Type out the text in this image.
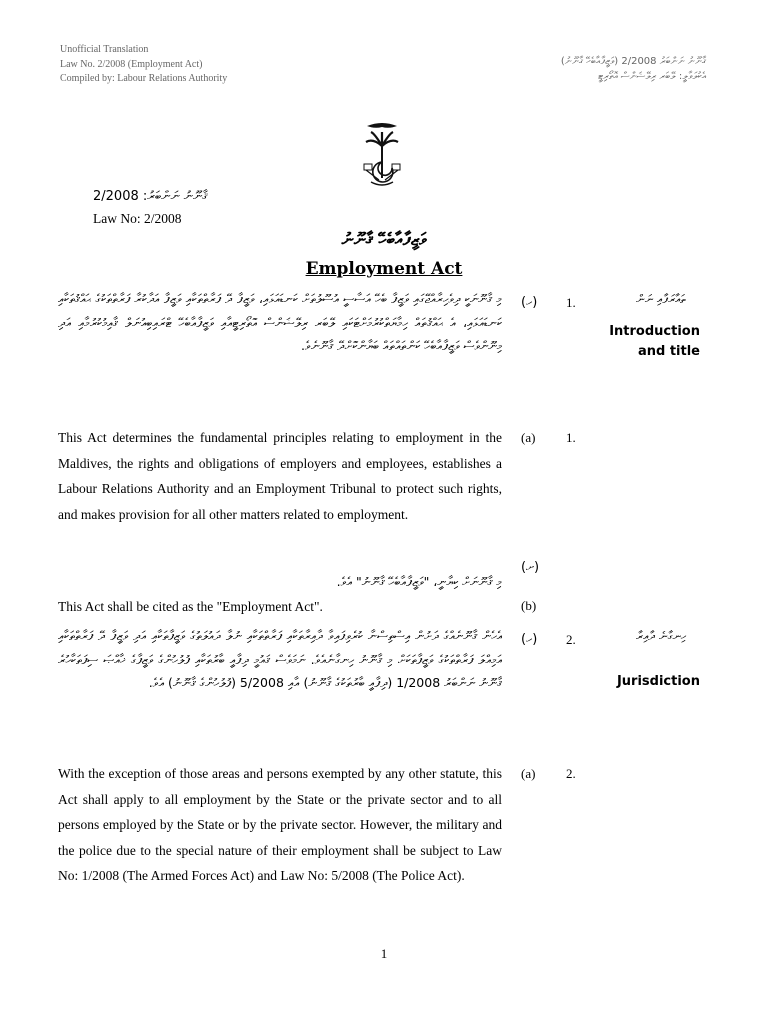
Unofficial Translation
Law No. 2/2008 (Employment Act)
Compiled by: Labour Relations Authority
ޤާނޫނު ނަންބަރު 2/2008 (ވަޒީފާއާބެހޭ ޤާނޫނު)
އެކުލަވާލީ: ލޭބަރ ރިލޭޝަންސް އޮތޯރިޓީ
ޤާނޫނު ނަންބަރު: 2/2008
Law No: 2/2008
ވަޒީފާއާބެހޭ ޤާނޫނު
Employment Act
ތައާރަފާއި ނަން
1.
(ހ)
Introduction
and title
މި ޤާނޫނަކީ ދިވެހިރާއްޖޭގައި ވަޒީފާ ބެހޭ އަސާސީ އުސޫލުތަށް ކަނޑައަޅައި، ވަޒީފާ ދޭ ފަރާތްތަކާއި ވަޒީފާ އަދާކުރާ ފަރާތްތަކުގެ ޙައްޤުތަކާއި ކަނޑައަޅައި، އެ ޙައްޤުތައް ހިމާޔަތްކުރުމަށްޓަކައި ލޭބަރ ރިލޭޝަންސް އޮތޯރިޓީއާއި ވަޒީފާއާބެހޭ ޓްރައިބިއުނަލް ޤާއިމުކުރުމާއި އަދި މިނޫންވެސް ވަޒީފާއާބެހޭ ކަންތައްތައް ބަޔާންކޮށްދޭ ޤާނޫނެވެ.
(a) 1.
This Act determines the fundamental principles relating to employment in the Maldives, the rights and obligations of employers and employees, establishes a Labour Relations Authority and an Employment Tribunal to protect such rights, and makes provision for all other matters related to employment.
(ށ)
މި ޤާނޫނަށް ކިޔާނީ، "ވަޒީފާއާބެހޭ ޤާނޫނު" އެވެ.
(b)
This Act shall be cited as the "Employment Act".
ހިނގާނެ ދާއިރާ
2.
(ހ)
Jurisdiction
އެހެން ޤާނޫނެއްގެ ދަށުން އިސްތިސްނާ ކުރެވިފައިވާ ދާއިރާތަކާއި ފަރާތްތަކާއި ނުލާ ދައުލަތުގެ ވަޒީފާތަކާއި އަދި ވަޒީފާ ދޭ ފަރާތްތަކާއި އަމިއްލަ ފަރާތްތަކުގެ ވަޒީފާތަކަށް މި ޤާނޫނު ހިނގާނެއެވެ. ނަމަވެސް ޤައުމީ ދިފާއީ ބާރުތަކާއި ފުލުހުންގެ ވަޒީފާގެ ޚާއްޞަ ސިފަތަކާހުރެ ޤާނޫނު ނަންބަރު 1/2008 (ދިފާއީ ބާރުތަކުގެ ޤާނޫނު) އާއި 5/2008 (ފުލުހުންގެ ޤާނޫނު) އެވެ.
(a) 2.
With the exception of those areas and persons exempted by any other statute, this Act shall apply to all employment by the State or the private sector and to all persons employed by the State or by the private sector. However, the military and the police due to the special nature of their employment shall be subject to Law No: 1/2008 (The Armed Forces Act) and Law No: 5/2008 (The Police Act).
1
